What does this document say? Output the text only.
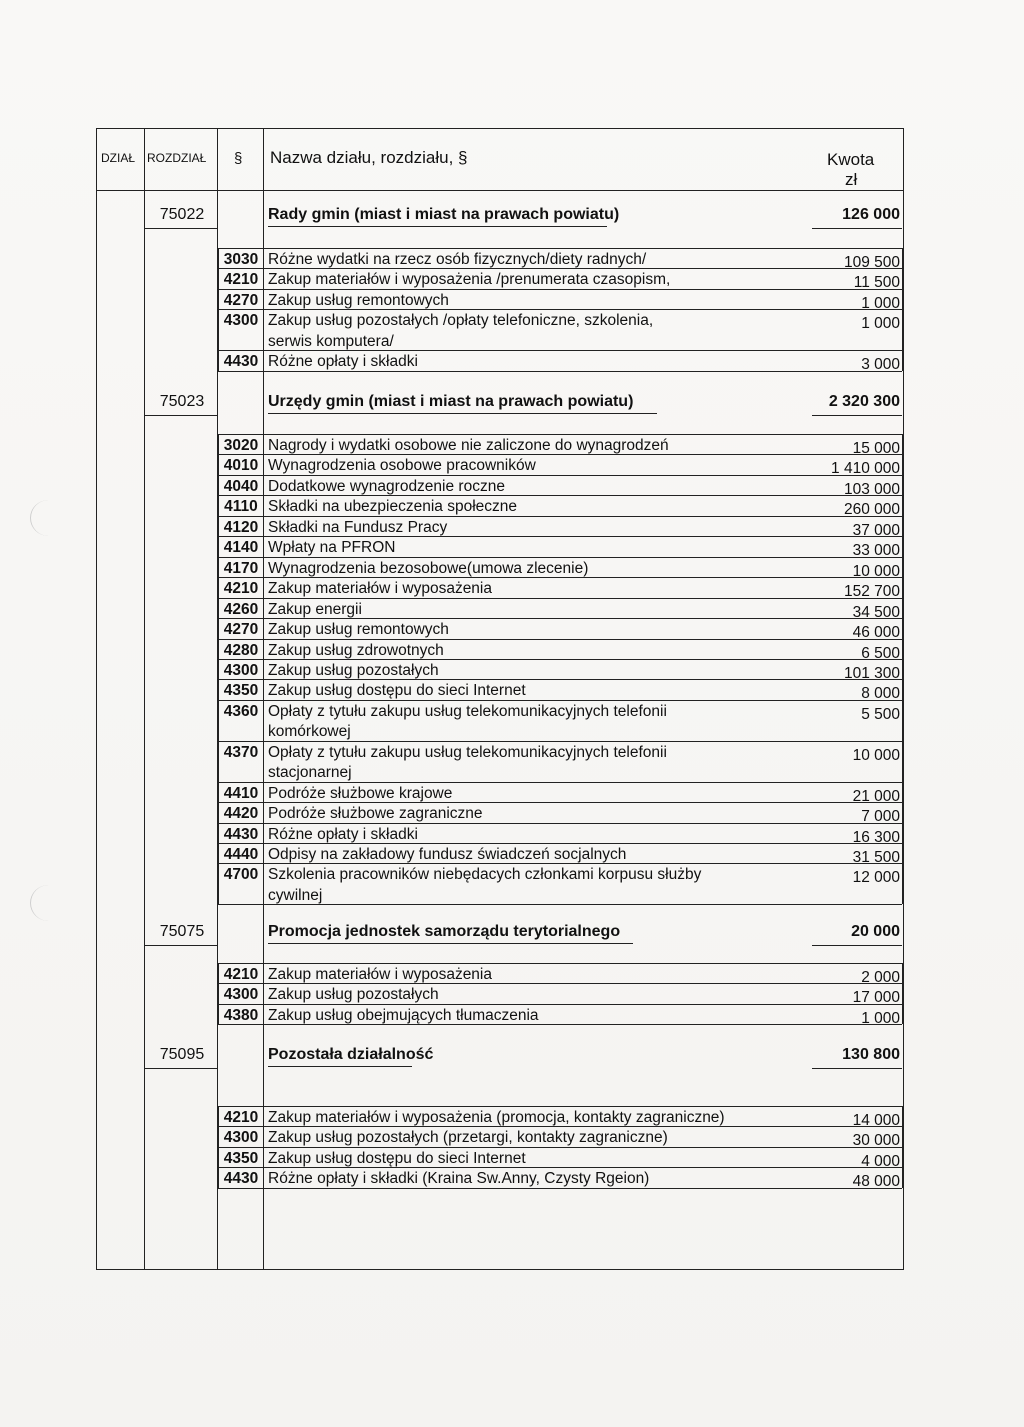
DZIAŁ ROZDZIAŁ § Nazwa działu, rozdziału, §	Kwota
zł
75022	Rady gmin (miast i miast na prawach powiatu)	126 000
3030 Różne wydatki na rzecz osób fizycznych/diety radnych/	109 500
4210 Zakup materiałów i wyposażenia /prenumerata czasopism,	11 500
4270 Zakup usług remontowych	1 000
4300 Zakup usług pozostałych /opłaty telefoniczne, szkolenia,	1 000
serwis komputera/
4430 Różne opłaty i składki	3 000
75023	Urzędy gmin (miast i miast na prawach powiatu)	2 320 300
3020 Nagrody i wydatki osobowe nie zaliczone do wynagrodzeń	15 000
4010 Wynagrodzenia osobowe pracowników	1 410 000
4040 Dodatkowe wynagrodzenie roczne	103 000
4110 Składki na ubezpieczenia społeczne	260 000
4120 Składki na Fundusz Pracy	37 000
4140 Wpłaty na PFRON	33 000
4170 Wynagrodzenia bezosobowe(umowa zlecenie)	10 000
4210 Zakup materiałów i wyposażenia	152 700
4260 Zakup energii	34 500
4270 Zakup usług remontowych	46 000
4280 Zakup usług zdrowotnych	6 500
4300 Zakup usług pozostałych	101 300
4350 Zakup usług dostępu do sieci Internet	8 000
4360 Opłaty z tytułu zakupu usług telekomunikacyjnych telefonii	5 500
komórkowej
4370 Opłaty z tytułu zakupu usług telekomunikacyjnych telefonii	10 000
stacjonarnej
4410 Podróże służbowe krajowe	21 000
4420 Podróże służbowe zagraniczne	7 000
4430 Różne opłaty i składki	16 300
4440 Odpisy na zakładowy fundusz świadczeń socjalnych	31 500
4700 Szkolenia pracowników niebędacych członkami korpusu służby	12 000
cywilnej
75075	Promocja jednostek samorządu terytorialnego	20 000
4210 Zakup materiałów i wyposażenia	2 000
4300 Zakup usług pozostałych	17 000
4380 Zakup usług obejmujących tłumaczenia	1 000
75095	Pozostała działalność	130 800
4210 Zakup materiałów i wyposażenia (promocja, kontakty zagraniczne)	14 000
4300 Zakup usług pozostałych (przetargi, kontakty zagraniczne)	30 000
4350 Zakup usług dostępu do sieci Internet	4 000
4430 Różne opłaty i składki (Kraina Sw.Anny, Czysty Rgeion)	48 000
